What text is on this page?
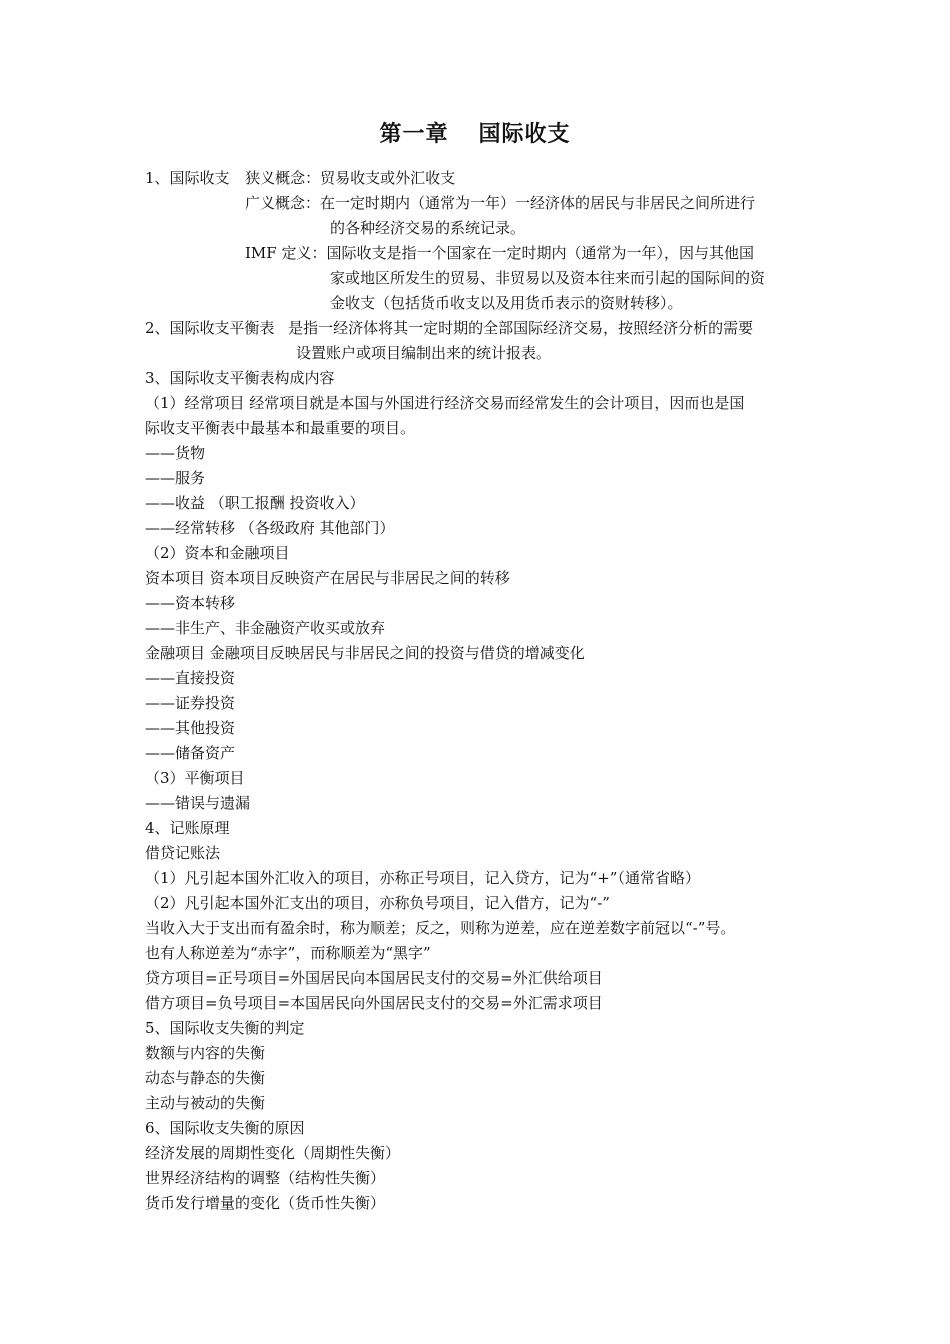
第一章 国际收支
1、国际收支 狭义概念：贸易收支或外汇收支
广义概念：在一定时期内（通常为一年）一经济体的居民与非居民之间所进行
的各种经济交易的系统记录。
IMF 定义：国际收支是指一个国家在一定时期内（通常为一年），因与其他国
家或地区所发生的贸易、非贸易以及资本往来而引起的国际间的资
金收支（包括货币收支以及用货币表示的资财转移）。
2、国际收支平衡表 是指一经济体将其一定时期的全部国际经济交易，按照经济分析的需要
设置账户或项目编制出来的统计报表。
3、国际收支平衡表构成内容
（1）经常项目 经常项目就是本国与外国进行经济交易而经常发生的会计项目，因而也是国
际收支平衡表中最基本和最重要的项目。
——货物
——服务
——收益 （职工报酬 投资收入）
——经常转移 （各级政府 其他部门）
（2）资本和金融项目
资本项目 资本项目反映资产在居民与非居民之间的转移
——资本转移
——非生产、非金融资产收买或放弃
金融项目 金融项目反映居民与非居民之间的投资与借贷的增减变化
——直接投资
——证券投资
——其他投资
——储备资产
（3）平衡项目
——错误与遗漏
4、记账原理
借贷记账法
（1）凡引起本国外汇收入的项目，亦称正号项目，记入贷方，记为“+”（通常省略）
（2）凡引起本国外汇支出的项目，亦称负号项目，记入借方，记为“-”
当收入大于支出而有盈余时，称为顺差；反之，则称为逆差，应在逆差数字前冠以“-”号。
也有人称逆差为“赤字”，而称顺差为“黑字”
贷方项目=正号项目=外国居民向本国居民支付的交易=外汇供给项目
借方项目=负号项目=本国居民向外国居民支付的交易=外汇需求项目
5、国际收支失衡的判定
数额与内容的失衡
动态与静态的失衡
主动与被动的失衡
6、国际收支失衡的原因
经济发展的周期性变化（周期性失衡）
世界经济结构的调整（结构性失衡）
货币发行增量的变化（货币性失衡）
